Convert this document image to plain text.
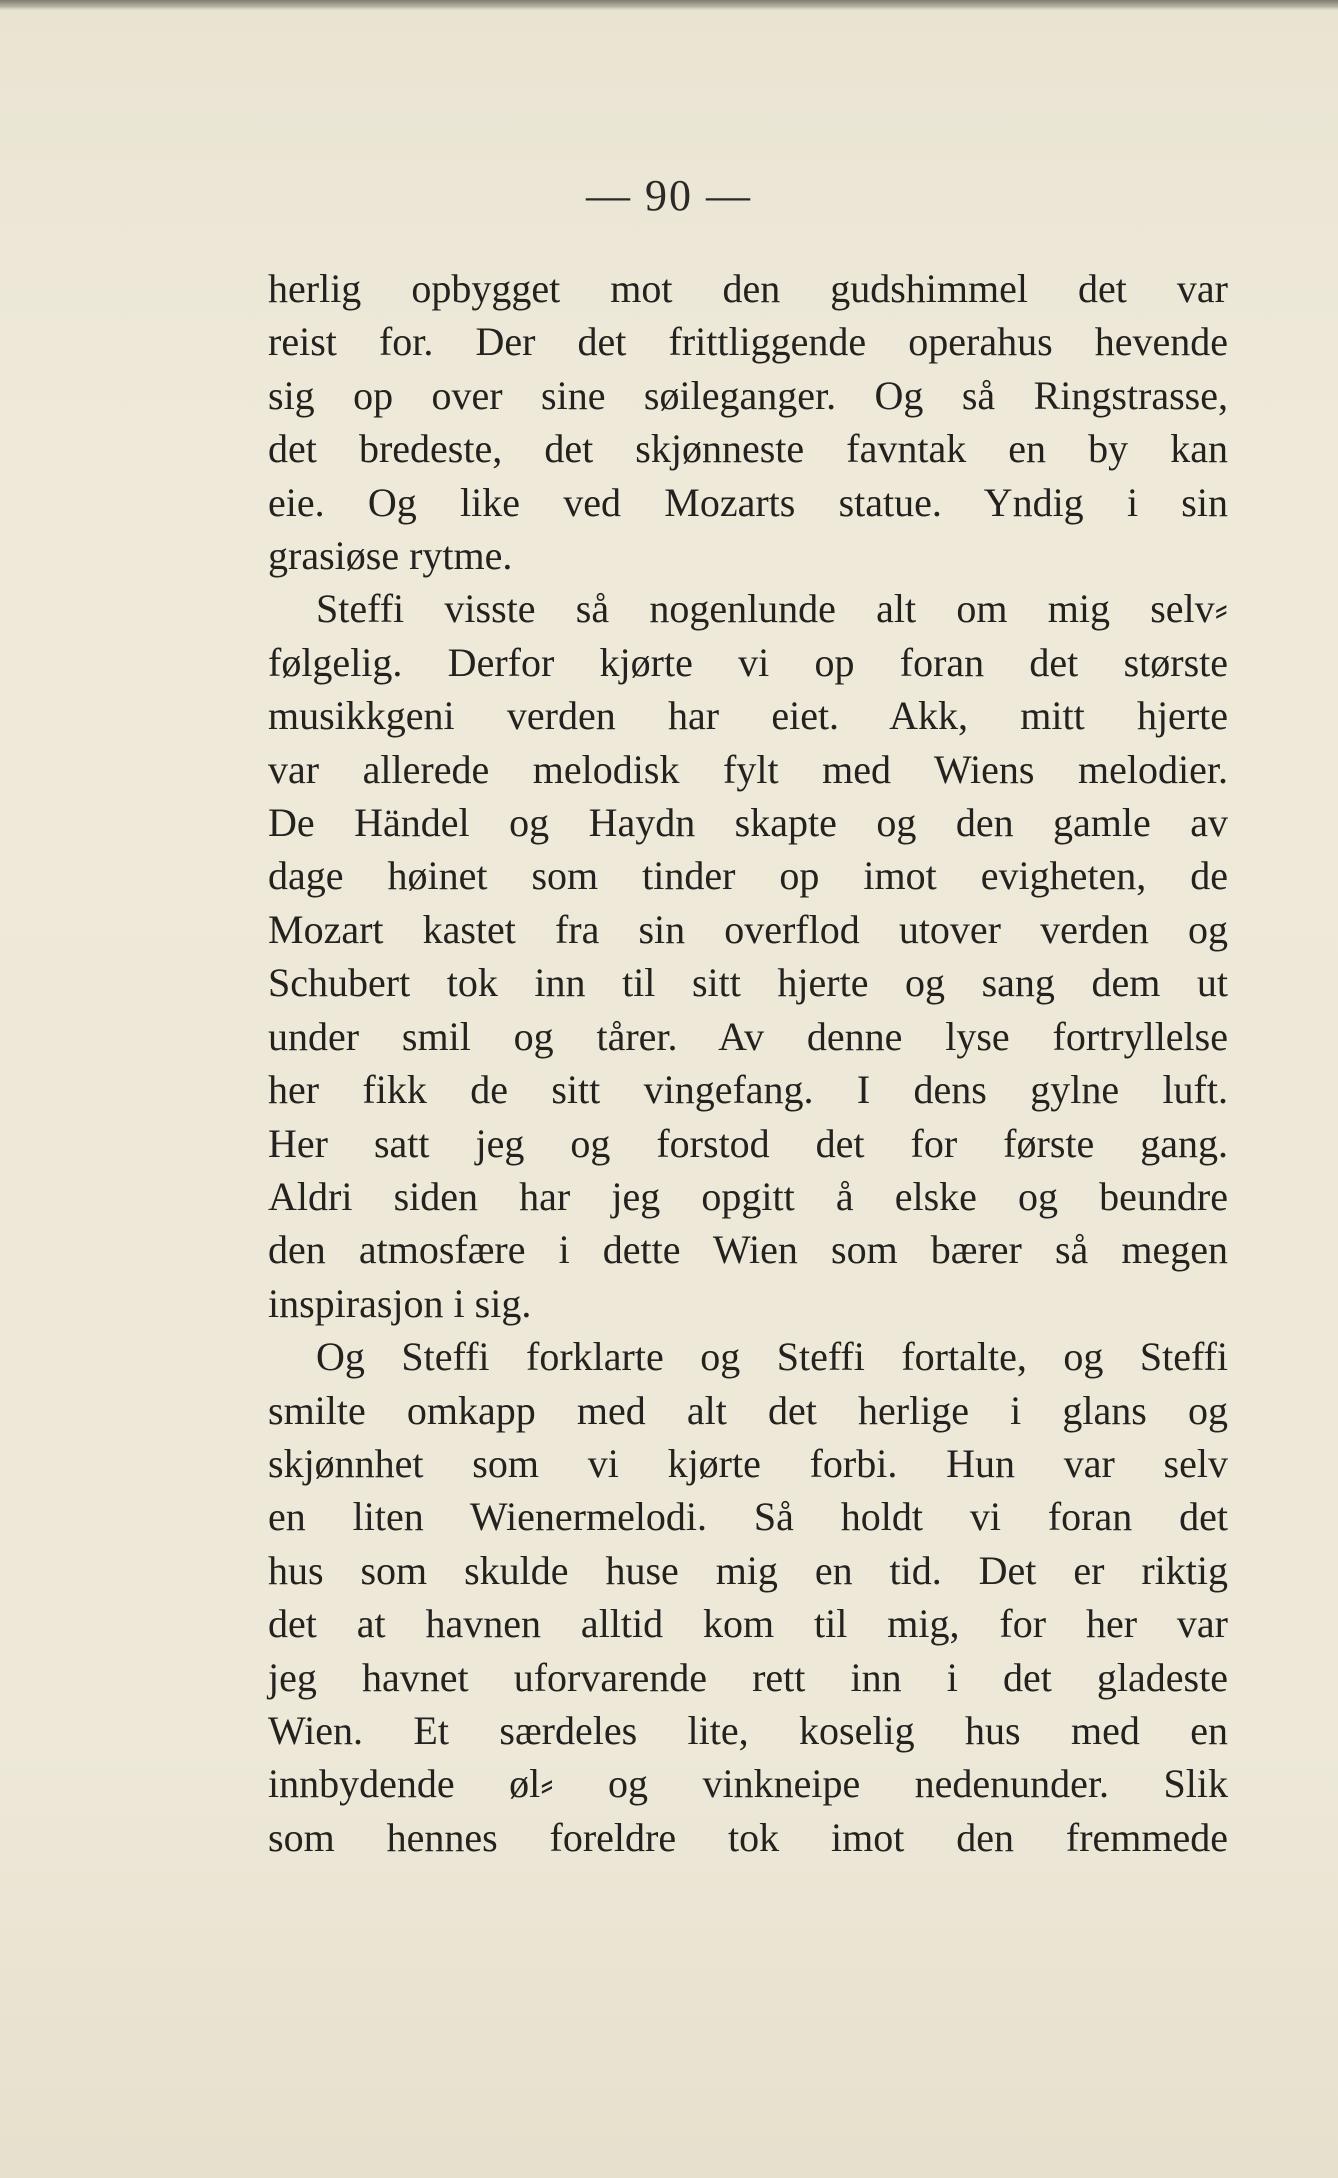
— 90 —
herlig opbygget mot den gudshimmel det var
reist for. Der det frittliggende operahus hevende
sig op over sine søileganger. Og så Ringstrasse,
det bredeste, det skjønneste favntak en by kan
eie. Og like ved Mozarts statue. Yndig i sin
grasiøse rytme.
Steffi visste så nogenlunde alt om mig selv⸗
følgelig. Derfor kjørte vi op foran det største
musikkgeni verden har eiet. Akk, mitt hjerte
var allerede melodisk fylt med Wiens melodier.
De Händel og Haydn skapte og den gamle av
dage høinet som tinder op imot evigheten, de
Mozart kastet fra sin overflod utover verden og
Schubert tok inn til sitt hjerte og sang dem ut
under smil og tårer. Av denne lyse fortryllelse
her fikk de sitt vingefang. I dens gylne luft.
Her satt jeg og forstod det for første gang.
Aldri siden har jeg opgitt å elske og beundre
den atmosfære i dette Wien som bærer så megen
inspirasjon i sig.
Og Steffi forklarte og Steffi fortalte, og Steffi
smilte omkapp med alt det herlige i glans og
skjønnhet som vi kjørte forbi. Hun var selv
en liten Wienermelodi. Så holdt vi foran det
hus som skulde huse mig en tid. Det er riktig
det at havnen alltid kom til mig, for her var
jeg havnet uforvarende rett inn i det gladeste
Wien. Et særdeles lite, koselig hus med en
innbydende øl⸗ og vinkneipe nedenunder. Slik
som hennes foreldre tok imot den fremmede
